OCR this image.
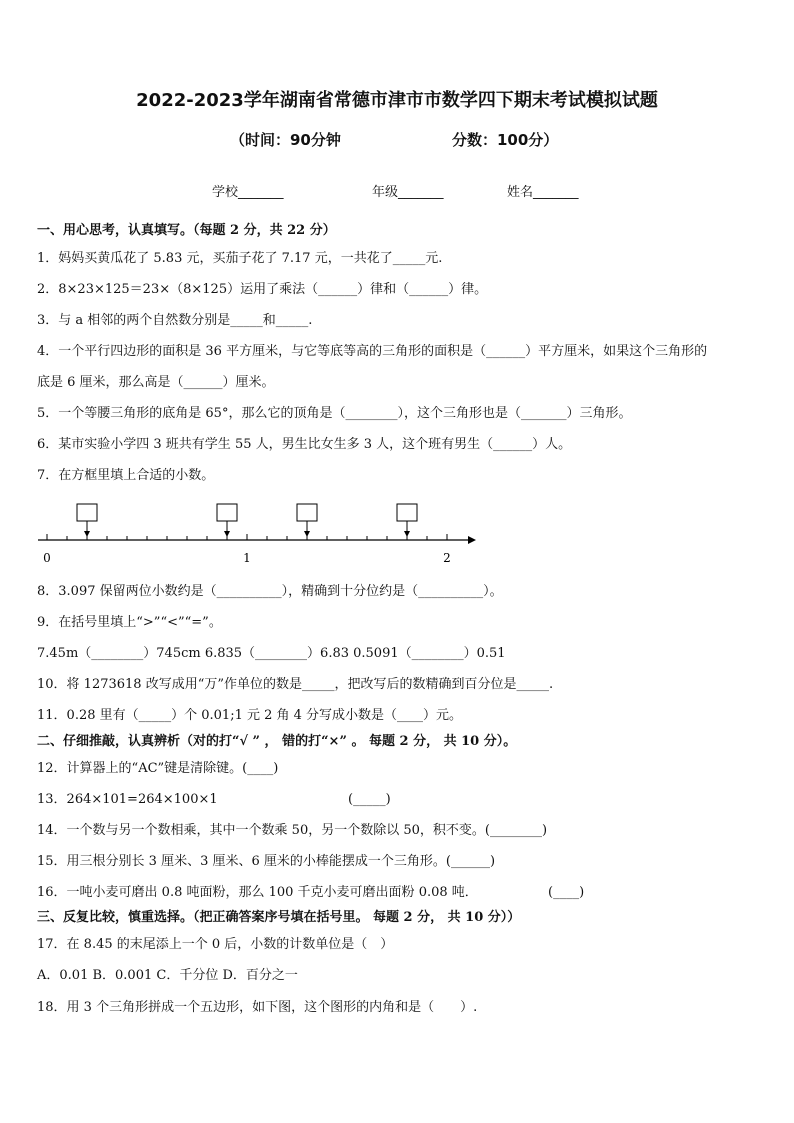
2022-2023学年湖南省常德市津市市数学四下期末考试模拟试题
（时间：90分钟	分数：100分）
学校_______	年级_______	姓名_______
一、用心思考，认真填写。（每题 2 分，共 22 分）
1．妈妈买黄瓜花了 5.83 元，买茄子花了 7.17 元，一共花了_____元.
2．8×23×125＝23×（8×125）运用了乘法（______）律和（______）律。
3．与 a 相邻的两个自然数分别是_____和_____.
4．一个平行四边形的面积是 36 平方厘米，与它等底等高的三角形的面积是（______）平方厘米，如果这个三角形的
底是 6 厘米，那么高是（______）厘米。
5．一个等腰三角形的底角是 65°，那么它的顶角是（________），这个三角形也是（_______）三角形。
6．某市实验小学四 3 班共有学生 55 人，男生比女生多 3 人，这个班有男生（______）人。
7．在方框里填上合适的小数。
0	1	2
8．3.097 保留两位小数约是（__________），精确到十分位约是（__________）。
9．在括号里填上“>”“<”“=”。
7.45m（________）745cm 6.835（________）6.83 0.5091（________）0.51
10．将 1273618 改写成用“万”作单位的数是_____，把改写后的数精确到百分位是_____.
11．0.28 里有（_____）个 0.01;1 元 2 角 4 分写成小数是（____）元。
二、仔细推敲，认真辨析（对的打“√ ” ， 错的打“×” 。 每题 2 分， 共 10 分）。
12．计算器上的“AC”键是清除键。(____)
13．264×101=264×100×1	(_____)
14．一个数与另一个数相乘，其中一个数乘 50，另一个数除以 50，积不变。(________)
15．用三根分别长 3 厘米、3 厘米、6 厘米的小棒能摆成一个三角形。(______)
16．一吨小麦可磨出 0.8 吨面粉，那么 100 千克小麦可磨出面粉 0.08 吨．	(____)
三、反复比较，慎重选择。（把正确答案序号填在括号里。 每题 2 分， 共 10 分））
17．在 8.45 的末尾添上一个 0 后，小数的计数单位是（　）
A．0.01 B．0.001 C．千分位 D．百分之一
18．用 3 个三角形拼成一个五边形，如下图，这个图形的内角和是（　　）.
